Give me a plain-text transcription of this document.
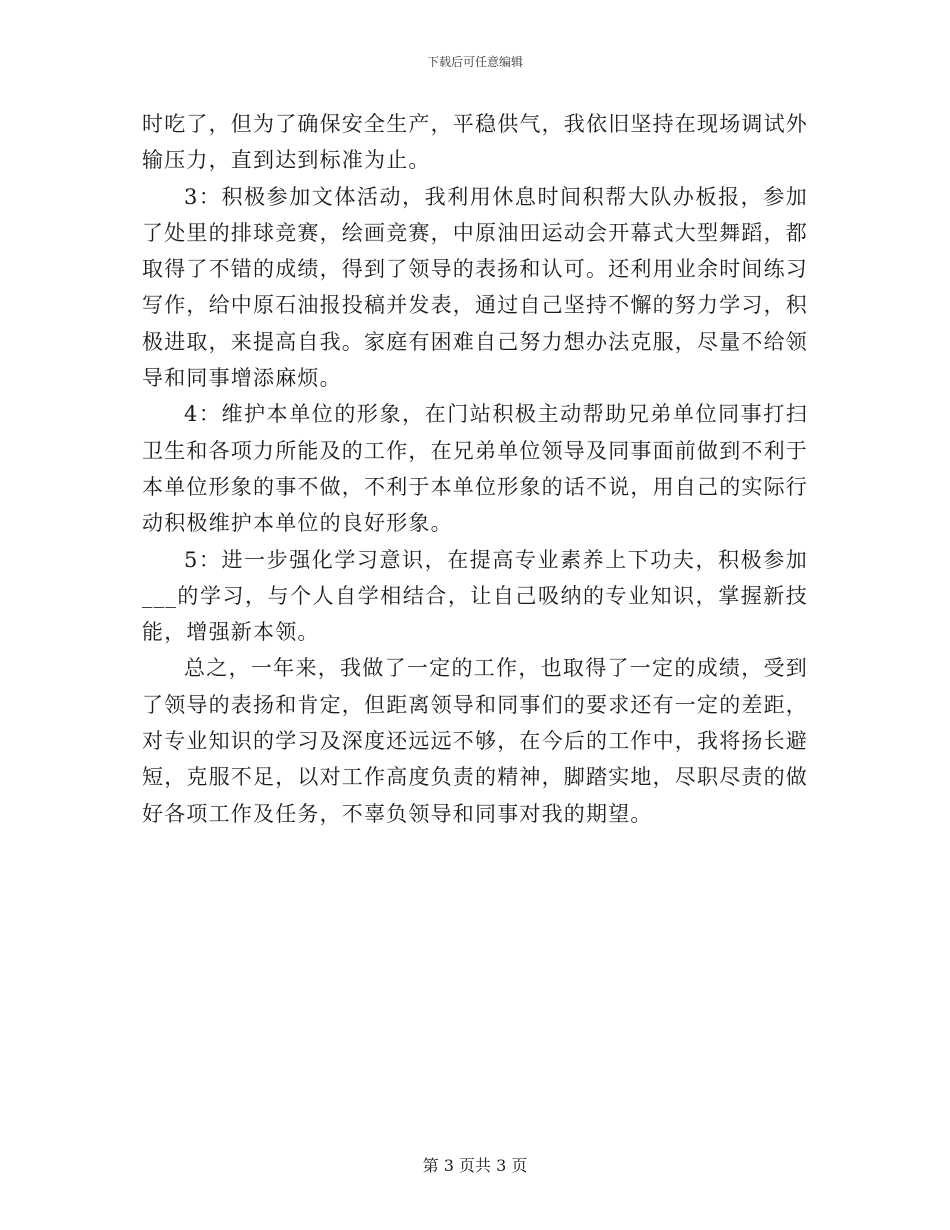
下载后可任意编辑

时吃了，但为了确保安全生产，平稳供气，我依旧坚持在现场调试外输压力，直到达到标准为止。

3：积极参加文体活动，我利用休息时间积帮大队办板报，参加了处里的排球竞赛，绘画竞赛，中原油田运动会开幕式大型舞蹈，都取得了不错的成绩，得到了领导的表扬和认可。还利用业余时间练习写作，给中原石油报投稿并发表，通过自己坚持不懈的努力学习，积极进取，来提高自我。家庭有困难自己努力想办法克服，尽量不给领导和同事增添麻烦。

4：维护本单位的形象，在门站积极主动帮助兄弟单位同事打扫卫生和各项力所能及的工作，在兄弟单位领导及同事面前做到不利于本单位形象的事不做，不利于本单位形象的话不说，用自己的实际行动积极维护本单位的良好形象。

5：进一步强化学习意识，在提高专业素养上下功夫，积极参加___的学习，与个人自学相结合，让自己吸纳的专业知识，掌握新技能，增强新本领。

总之，一年来，我做了一定的工作，也取得了一定的成绩，受到了领导的表扬和肯定，但距离领导和同事们的要求还有一定的差距，对专业知识的学习及深度还远远不够，在今后的工作中，我将扬长避短，克服不足，以对工作高度负责的精神，脚踏实地，尽职尽责的做好各项工作及任务，不辜负领导和同事对我的期望。

第 3 页共 3 页
